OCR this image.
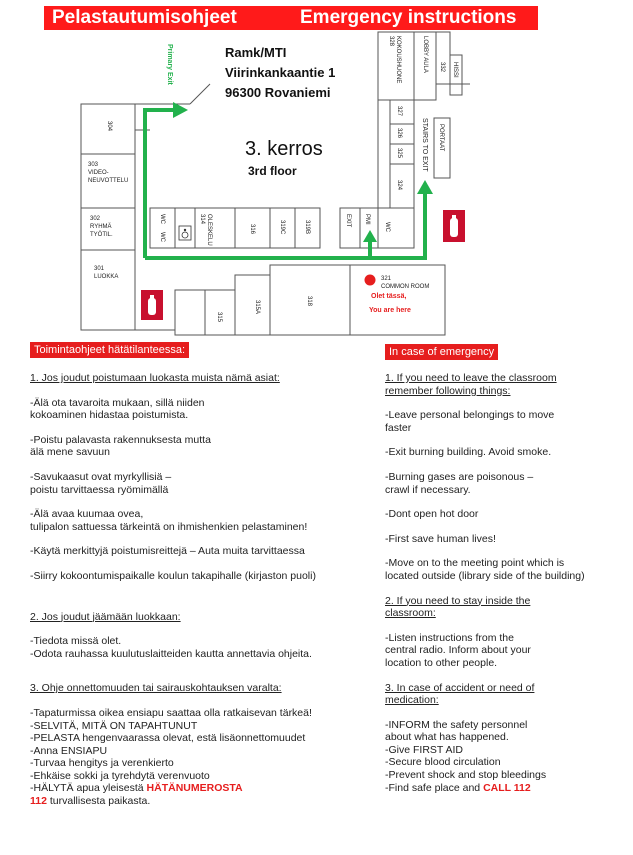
Pelastautumisohjeet	Emergency instructions
304
303
VIDEO-
NEUVOTTELU
302
RYHMÄ
TYÖTIL.
301
LUOKKA
WC
WC
314 OLESKELU	316	319C	319B	EXIT PMI
WC
315
315A	318
321
COMMON ROOM
327
326
325
324
PORTAAT
328 KOKOUSHUONE	LOBBY AULA 332 HISSI
STAIRS TO EXIT
Primary Exit	Ramk/MTI
Viirinkankaantie 1
96300 Rovaniemi
3. kerros
3rd floor
Olet tässä,
You are here
Toimintaohjeet hätätilanteessa:

1. Jos joudut poistumaan luokasta muista nämä asiat:

-Älä ota tavaroita mukaan, sillä niiden

kokoaminen hidastaa poistumista.

-Poistu palavasta rakennuksesta mutta

älä mene savuun

-Savukaasut ovat myrkyllisiä –

poistu tarvittaessa ryömimällä

-Älä avaa kuumaa ovea,

tulipalon sattuessa tärkeintä on ihmishenkien pelastaminen!

-Käytä merkittyjä poistumisreittejä – Auta muita tarvittaessa

-Siirry kokoontumispaikalle koulun takapihalle (kirjaston puoli)

2. Jos joudut jäämään luokkaan:

-Tiedota missä olet.

-Odota rauhassa kuulutuslaitteiden kautta annettavia ohjeita.

3. Ohje onnettomuuden tai sairauskohtauksen varalta:

-Tapaturmissa oikea ensiapu saattaa olla ratkaisevan tärkeä!

-SELVITÄ, MITÄ ON TAPAHTUNUT

-PELASTA hengenvaarassa olevat, estä lisäonnettomuudet

-Anna ENSIAPU

-Turvaa hengitys ja verenkierto

-Ehkäise sokki ja tyrehdytä verenvuoto

-HÄLYTÄ apua yleisestä HÄTÄNUMEROSTA

112 turvallisesta paikasta.

In case of emergency

1. If you need to leave the classroom

remember following things:

-Leave personal belongings to move

faster

-Exit burning building. Avoid smoke.

-Burning gases are poisonous –

crawl if necessary.

-Dont open hot door

-First save human lives!

-Move on to the meeting point which is

located outside (library side of the building)

2. If you need to stay inside the

classroom:

-Listen instructions from the

central radio. Inform about your

location to other people.

3. In case of accident or need of

medication:

-INFORM the safety personnel

about what has happened.

-Give FIRST AID

-Secure blood circulation

-Prevent shock and stop bleedings

-Find safe place and CALL 112
